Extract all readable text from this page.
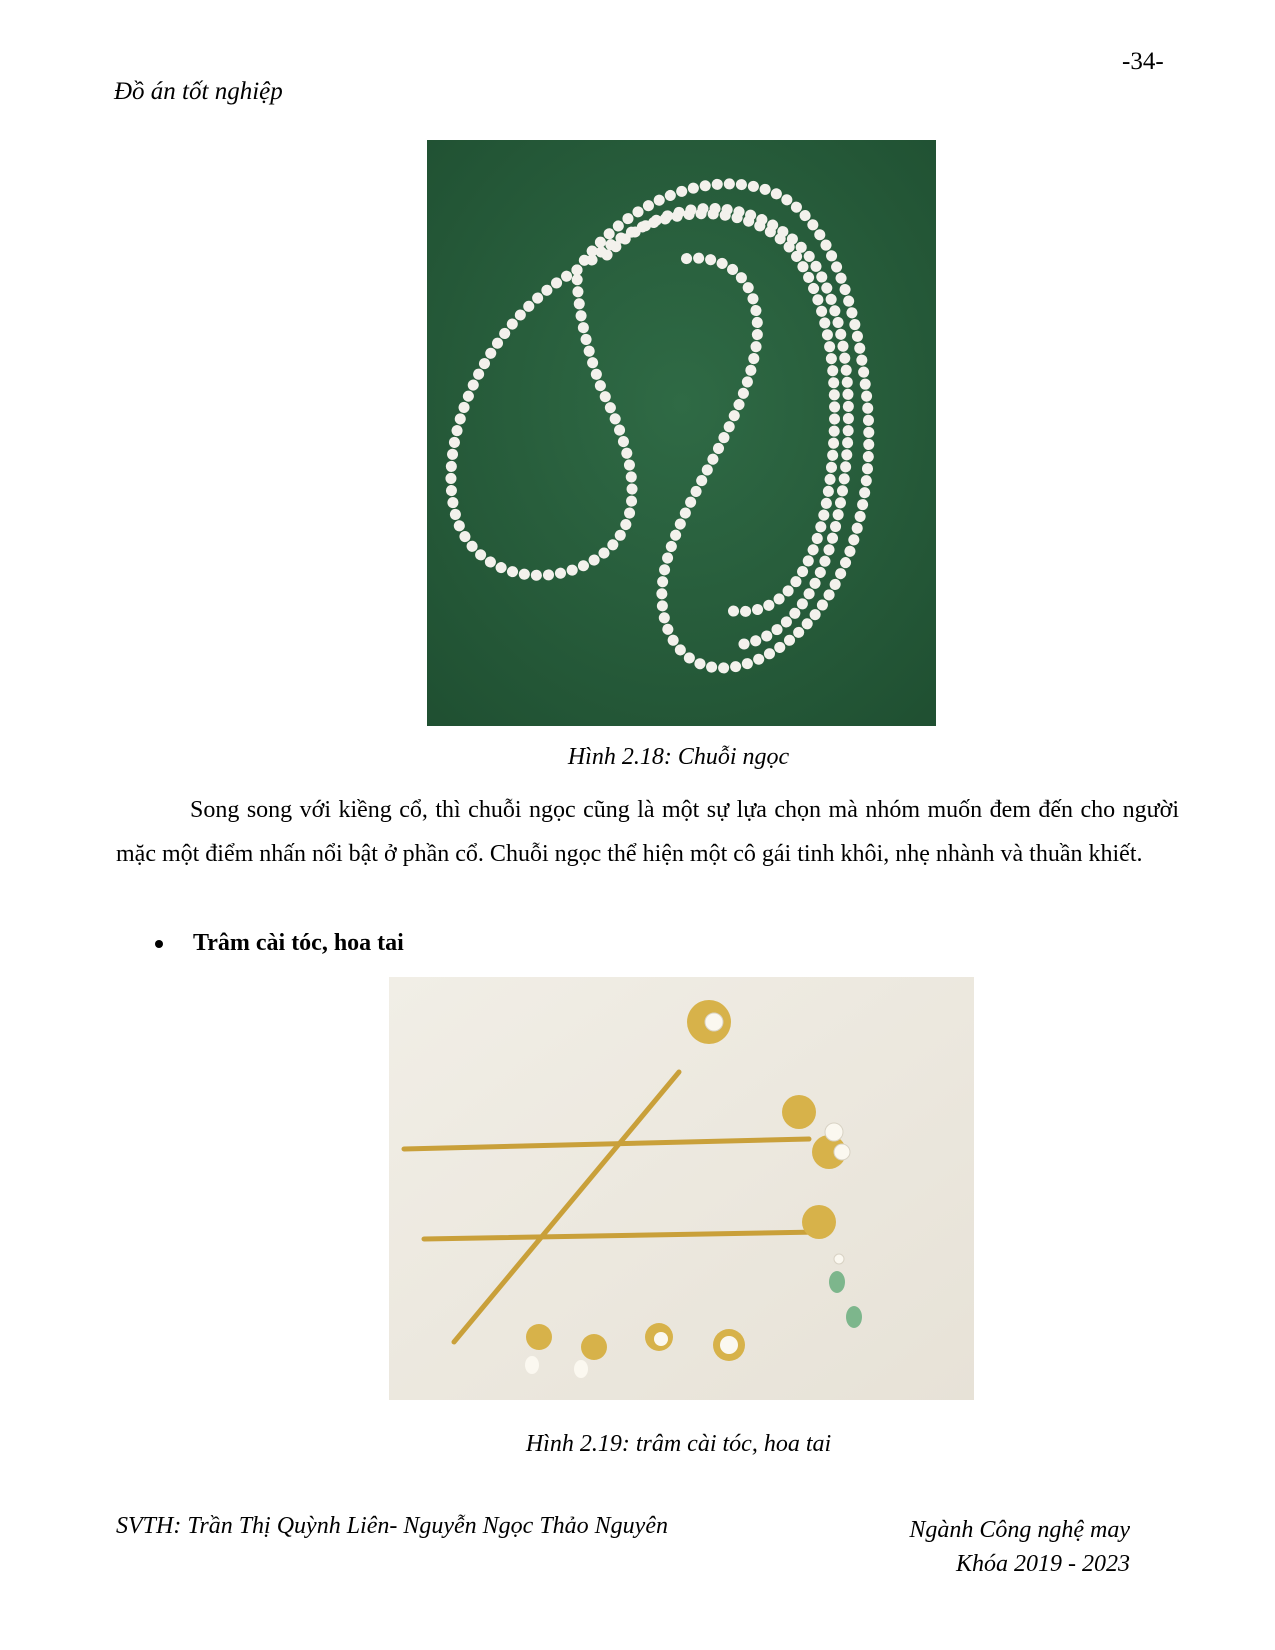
-34-
Đồ án tốt nghiệp
Hình 2.18: Chuỗi ngọc

Song song với kiềng cổ, thì chuỗi ngọc cũng là một sự lựa chọn mà nhóm muốn đem đến cho người mặc một điểm nhấn nổi bật ở phần cổ. Chuỗi ngọc thể hiện một cô gái tinh khôi, nhẹ nhành và thuần khiết.

Trâm cài tóc, hoa tai
Hình 2.19: trâm cài tóc, hoa tai
SVTH: Trần Thị Quỳnh Liên- Nguyễn Ngọc Thảo Nguyên	Ngành Công nghệ may
Khóa 2019 - 2023
